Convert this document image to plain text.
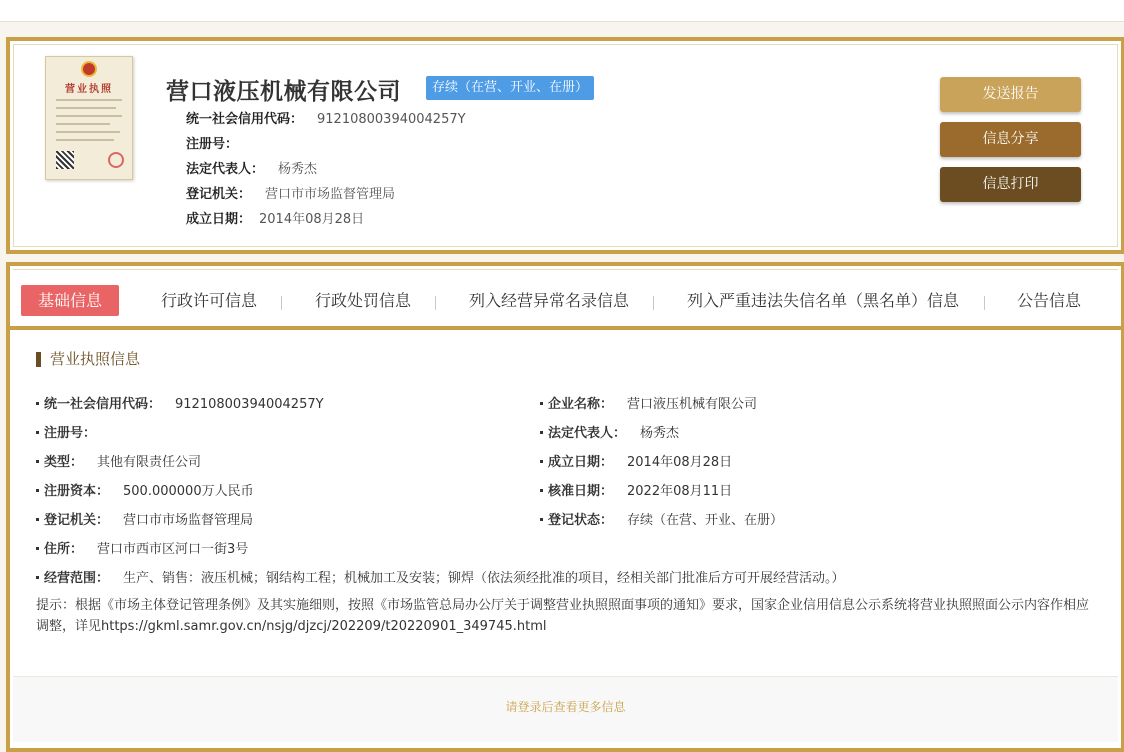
营业执照	营口液压机械有限公司	存续（在营、开业、在册）
统一社会信用代码： 91210800394004257Y
注册号：
法定代表人： 杨秀杰
登记机关： 营口市市场监督管理局
成立日期： 2014年08月28日
发送报告
信息分享
信息打印
基础信息	行政许可信息	行政处罚信息	列入经营异常名录信息	列入严重违法失信名单（黑名单）信息	公告信息
营业执照信息
统一社会信用代码： 91210800394004257Y	企业名称： 营口液压机械有限公司
注册号：	法定代表人： 杨秀杰
类型： 其他有限责任公司	成立日期： 2014年08月28日
注册资本： 500.000000万人民币	核准日期： 2022年08月11日
登记机关： 营口市市场监督管理局	登记状态： 存续（在营、开业、在册）
住所： 营口市西市区河口一街3号
经营范围： 生产、销售：液压机械；钢结构工程；机械加工及安装；铆焊（依法须经批准的项目，经相关部门批准后方可开展经营活动。）
提示：根据《市场主体登记管理条例》及其实施细则，按照《市场监管总局办公厅关于调整营业执照照面事项的通知》要求，国家企业信用信息公示系统将营业执照照面公示内容作相应调整，详见https://gkml.samr.gov.cn/nsjg/djzcj/202209/t20220901_349745.html
请登录后查看更多信息
